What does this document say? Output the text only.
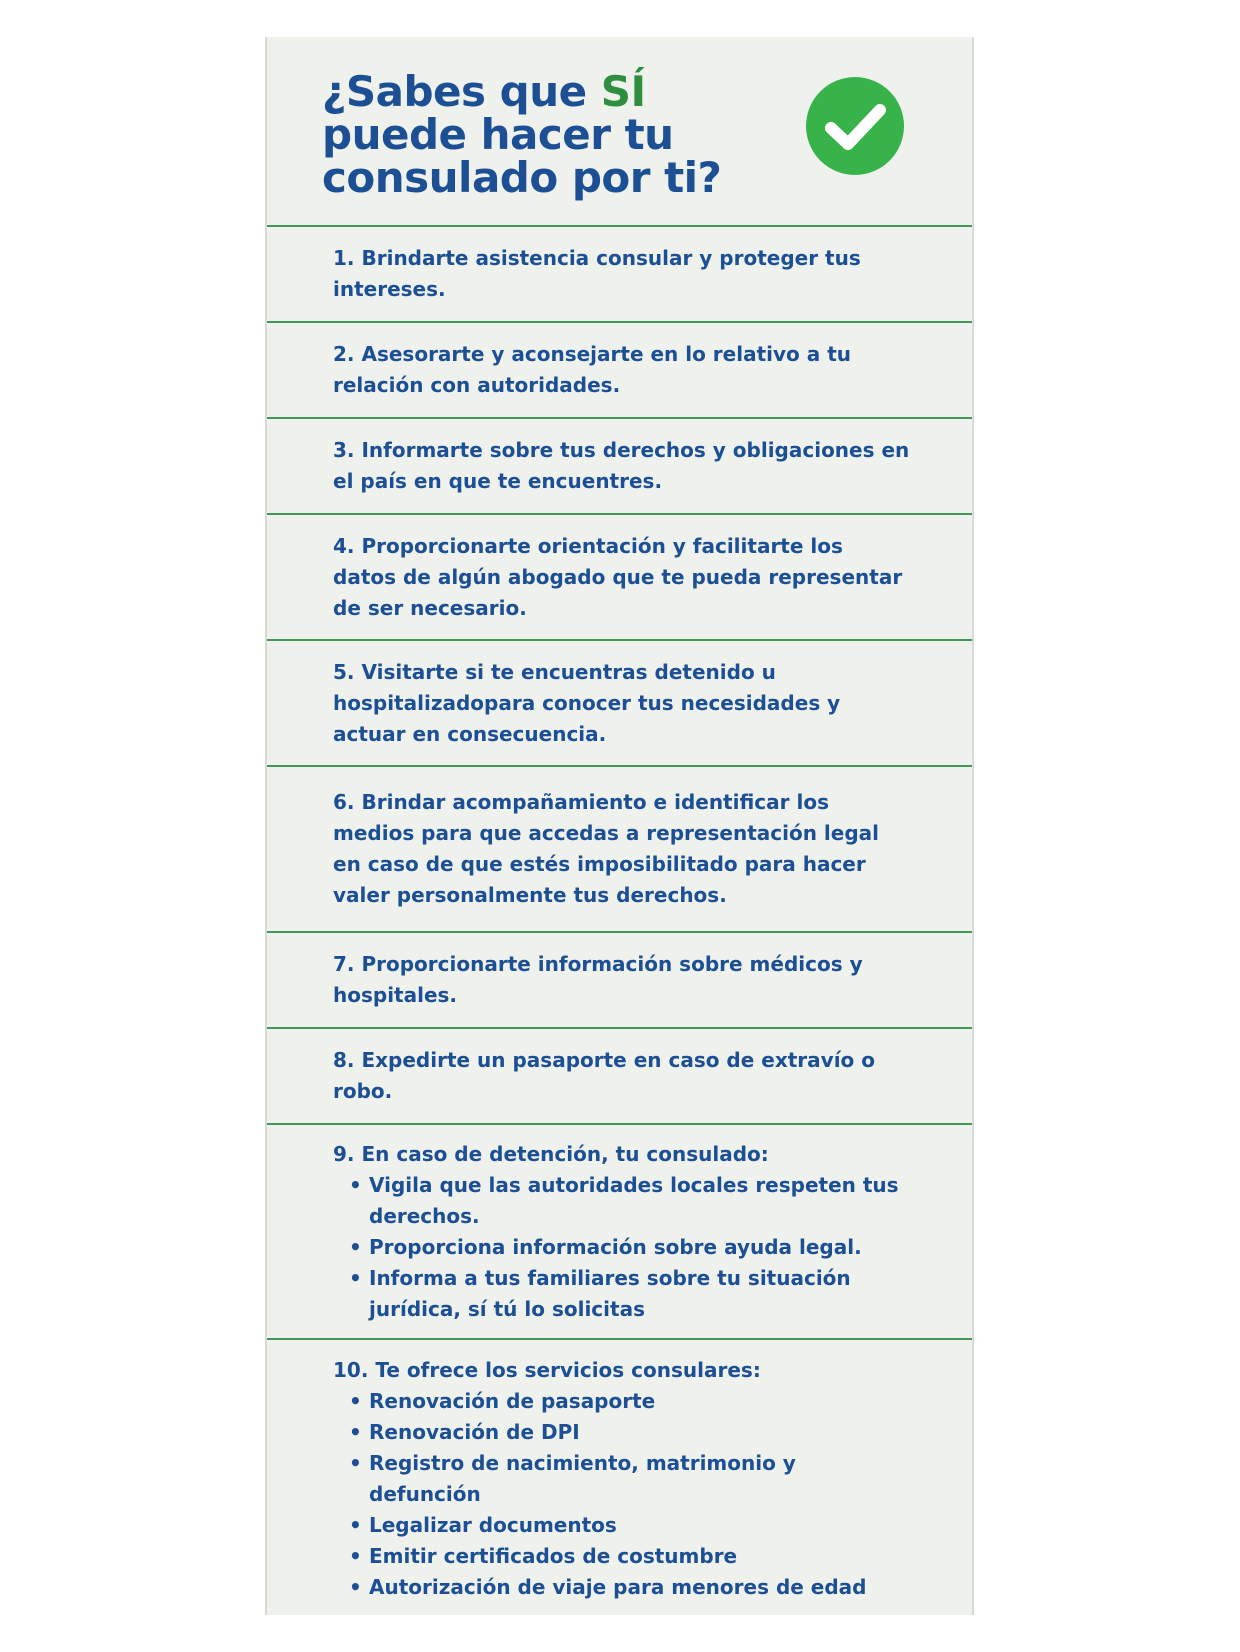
¿Sabes que SÍ puede hacer tu consulado por ti?

1. Brindarte asistencia consular y proteger tus intereses.

2. Asesorarte y aconsejarte en lo relativo a tu relación con autoridades.

3. Informarte sobre tus derechos y obligaciones en el país en que te encuentres.

4. Proporcionarte orientación y facilitarte los datos de algún abogado que te pueda representar de ser necesario.

5. Visitarte si te encuentras detenido u hospitalizadopara conocer tus necesidades y actuar en consecuencia.

6. Brindar acompañamiento e identificar los medios para que accedas a representación legal en caso de que estés imposibilitado para hacer valer personalmente tus derechos.

7. Proporcionarte información sobre médicos y hospitales.

8. Expedirte un pasaporte en caso de extravío o robo.

9. En caso de detención, tu consulado:

• Vigila que las autoridades locales respeten tus derechos.
• Proporciona información sobre ayuda legal.
• Informa a tus familiares sobre tu situación jurídica, sí tú lo solicitas

10. Te ofrece los servicios consulares:

• Renovación de pasaporte
• Renovación de DPI
• Registro de nacimiento, matrimonio y defunción
• Legalizar documentos
• Emitir certificados de costumbre
• Autorización de viaje para menores de edad
